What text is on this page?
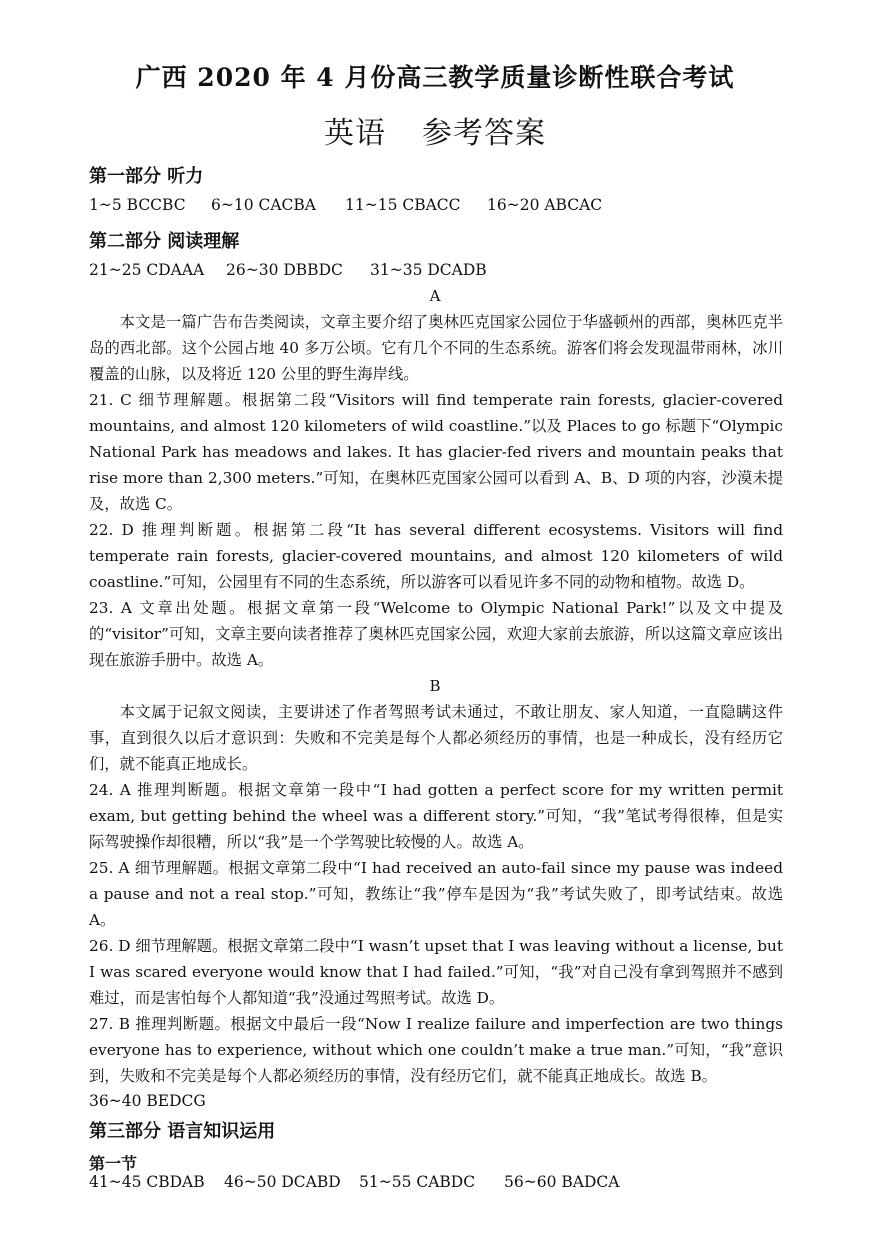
广西 2020 年 4 月份高三教学质量诊断性联合考试
英语 参考答案
第一部分 听力
1~5 BCCBC 6~10 CACBA 11~15 CBACC 16~20 ABCAC
第二部分 阅读理解
21~25 CDAAA 26~30 DBBDC 31~35 DCADB
A

本文是一篇广告布告类阅读，文章主要介绍了奥林匹克国家公园位于华盛顿州的西部，奥林匹克半岛的西北部。这个公园占地 40 多万公顷。它有几个不同的生态系统。游客们将会发现温带雨林，冰川覆盖的山脉，以及将近 120 公里的野生海岸线。

21. C 细节理解题。根据第二段“Visitors will find temperate rain forests, glacier-covered mountains, and almost 120 kilometers of wild coastline.”以及 Places to go 标题下“Olympic National Park has meadows and lakes. It has glacier-fed rivers and mountain peaks that rise more than 2,300 meters.”可知，在奥林匹克国家公园可以看到 A、B、D 项的内容，沙漠未提及，故选 C。

22. D 推理判断题。根据第二段“It has several different ecosystems. Visitors will find temperate rain forests, glacier-covered mountains, and almost 120 kilometers of wild coastline.”可知，公园里有不同的生态系统，所以游客可以看见许多不同的动物和植物。故选 D。

23. A 文章出处题。根据文章第一段“Welcome to Olympic National Park!”以及文中提及的“visitor”可知，文章主要向读者推荐了奥林匹克国家公园，欢迎大家前去旅游，所以这篇文章应该出现在旅游手册中。故选 A。

B

本文属于记叙文阅读，主要讲述了作者驾照考试未通过，不敢让朋友、家人知道，一直隐瞒这件事，直到很久以后才意识到：失败和不完美是每个人都必须经历的事情，也是一种成长，没有经历它们，就不能真正地成长。

24. A 推理判断题。根据文章第一段中“I had gotten a perfect score for my written permit exam, but getting behind the wheel was a different story.”可知，“我”笔试考得很棒，但是实际驾驶操作却很糟，所以“我”是一个学驾驶比较慢的人。故选 A。

25. A 细节理解题。根据文章第二段中“I had received an auto-fail since my pause was indeed a pause and not a real stop.”可知，教练让“我”停车是因为“我”考试失败了，即考试结束。故选 A。

26. D 细节理解题。根据文章第二段中“I wasn’t upset that I was leaving without a license, but I was scared everyone would know that I had failed.”可知，“我”对自己没有拿到驾照并不感到难过，而是害怕每个人都知道“我”没通过驾照考试。故选 D。

27. B 推理判断题。根据文中最后一段“Now I realize failure and imperfection are two things everyone has to experience, without which one couldn’t make a true man.”可知，“我”意识到，失败和不完美是每个人都必须经历的事情，没有经历它们，就不能真正地成长。故选 B。

36~40 BEDCG
第三部分 语言知识运用
第一节
41~45 CBDAB 46~50 DCABD 51~55 CABDC 56~60 BADCA
